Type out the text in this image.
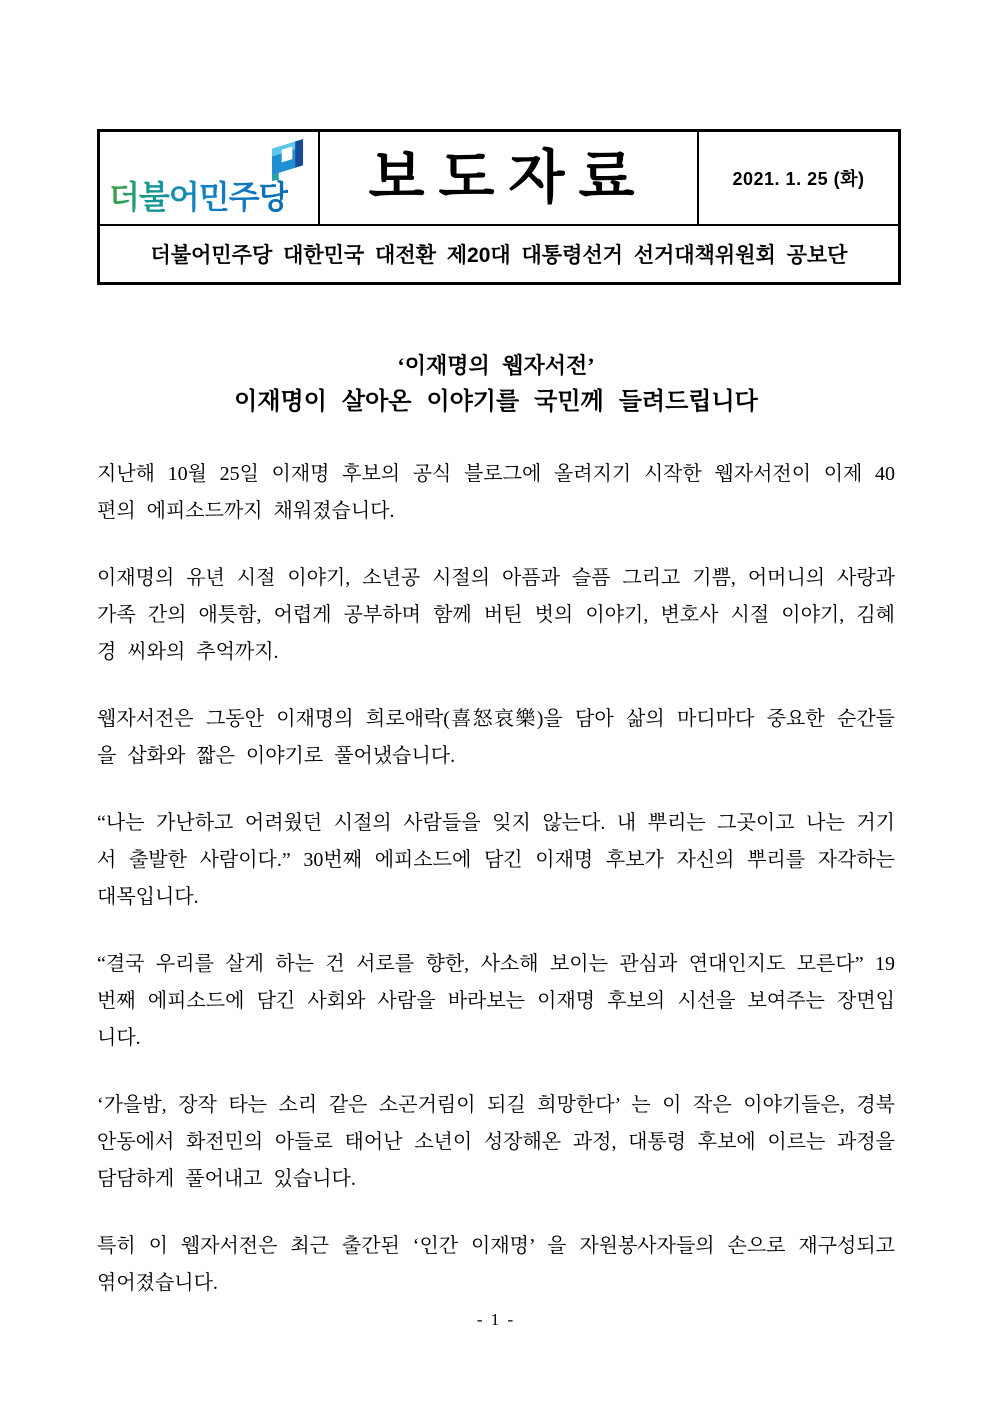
더불어민주당	보도자료	2021. 1. 25 (화)
더불어민주당 대한민국 대전환 제20대 대통령선거 선거대책위원회 공보단
‘이재명의 웹자서전’
이재명이 살아온 이야기를 국민께 들려드립니다

지난해 10월 25일 이재명 후보의 공식 블로그에 올려지기 시작한 웹자서전이 이제 40편의 에피소드까지 채워졌습니다.

이재명의 유년 시절 이야기, 소년공 시절의 아픔과 슬픔 그리고 기쁨, 어머니의 사랑과 가족 간의 애틋함, 어렵게 공부하며 함께 버틴 벗의 이야기, 변호사 시절 이야기, 김혜경 씨와의 추억까지.

웹자서전은 그동안 이재명의 희로애락(喜怒哀樂)을 담아 삶의 마디마다 중요한 순간들을 삽화와 짧은 이야기로 풀어냈습니다.

“나는 가난하고 어려웠던 시절의 사람들을 잊지 않는다. 내 뿌리는 그곳이고 나는 거기서 출발한 사람이다.” 30번째 에피소드에 담긴 이재명 후보가 자신의 뿌리를 자각하는 대목입니다.

“결국 우리를 살게 하는 건 서로를 향한, 사소해 보이는 관심과 연대인지도 모른다” 19번째 에피소드에 담긴 사회와 사람을 바라보는 이재명 후보의 시선을 보여주는 장면입니다.

‘가을밤, 장작 타는 소리 같은 소곤거림이 되길 희망한다’ 는 이 작은 이야기들은, 경북 안동에서 화전민의 아들로 태어난 소년이 성장해온 과정, 대통령 후보에 이르는 과정을 담담하게 풀어내고 있습니다.

특히 이 웹자서전은 최근 출간된 ‘인간 이재명’ 을 자원봉사자들의 손으로 재구성되고 엮어졌습니다.

- 1 -
